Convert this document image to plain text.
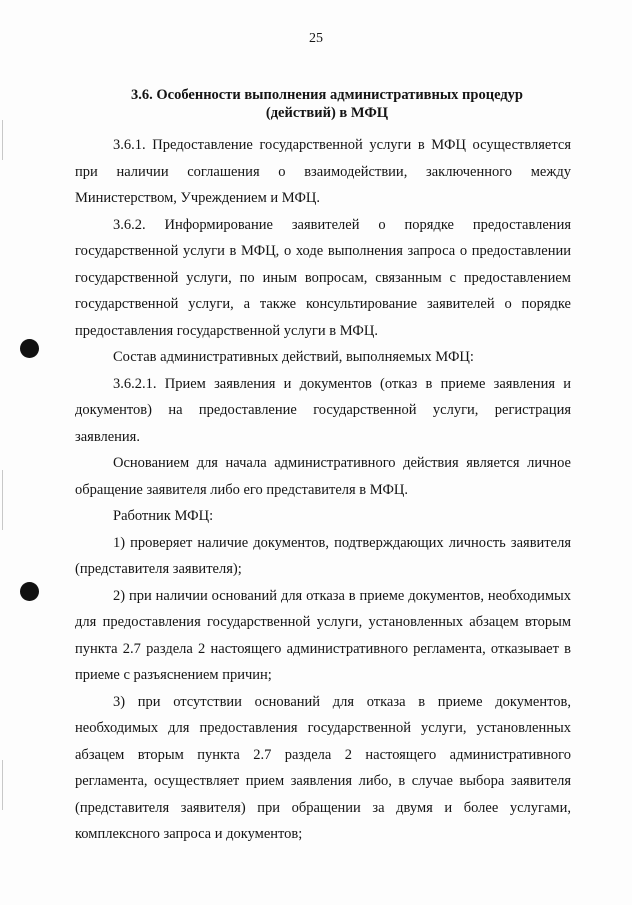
25
3.6. Особенности выполнения административных процедур
(действий) в МФЦ

3.6.1. Предоставление государственной услуги в МФЦ осуществляется при наличии соглашения о взаимодействии, заключенного между Министерством, Учреждением и МФЦ.

3.6.2. Информирование заявителей о порядке предоставления государственной услуги в МФЦ, о ходе выполнения запроса о предоставлении государственной услуги, по иным вопросам, связанным с предоставлением государственной услуги, а также консультирование заявителей о порядке предоставления государственной услуги в МФЦ.

Состав административных действий, выполняемых МФЦ:

3.6.2.1. Прием заявления и документов (отказ в приеме заявления и документов) на предоставление государственной услуги, регистрация заявления.

Основанием для начала административного действия является личное обращение заявителя либо его представителя в МФЦ.

Работник МФЦ:

1) проверяет наличие документов, подтверждающих личность заявителя (представителя заявителя);

2) при наличии оснований для отказа в приеме документов, необходимых для предоставления государственной услуги, установленных абзацем вторым пункта 2.7 раздела 2 настоящего административного регламента, отказывает в приеме с разъяснением причин;

3) при отсутствии оснований для отказа в приеме документов, необходимых для предоставления государственной услуги, установленных абзацем вторым пункта 2.7 раздела 2 настоящего административного регламента, осуществляет прием заявления либо, в случае выбора заявителя (представителя заявителя) при обращении за двумя и более услугами, комплексного запроса и документов;
